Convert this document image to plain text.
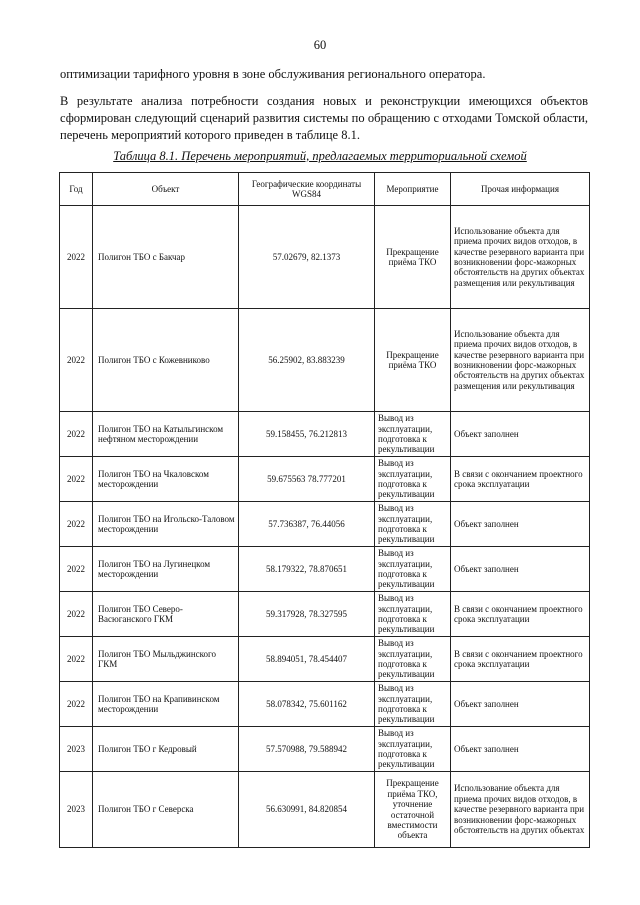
60

оптимизации тарифного уровня в зоне обслуживания регионального оператора.

В результате анализа потребности создания новых и реконструкции имеющихся объектов сформирован следующий сценарий развития системы по обращению с отходами Томской области, перечень мероприятий которого приведен в таблице 8.1.

Таблица 8.1. Перечень мероприятий, предлагаемых территориальной схемой
Год	Объект	Географические координаты WGS84	Мероприятие	Прочая информация
2022	Полигон ТБО с Бакчар	57.02679, 82.1373	Прекращение приёма ТКО	Использование объекта для приема прочих видов отходов, в качестве резервного варианта при возникновении форс-мажорных обстоятельств на других объектах размещения или рекультивация
2022	Полигон ТБО с Кожевниково	56.25902, 83.883239	Прекращение приёма ТКО	Использование объекта для приема прочих видов отходов, в качестве резервного варианта при возникновении форс-мажорных обстоятельств на других объектах размещения или рекультивация
2022	Полигон ТБО на Катыльгинском нефтяном месторождении	59.158455, 76.212813	Вывод из эксплуатации, подготовка к рекультивации	Объект заполнен
2022	Полигон ТБО на Чкаловском месторождении	59.675563 78.777201	Вывод из эксплуатации, подготовка к рекультивации	В связи с окончанием проектного срока эксплуатации
2022	Полигон ТБО на Игольско-Таловом месторождении	57.736387, 76.44056	Вывод из эксплуатации, подготовка к рекультивации	Объект заполнен
2022	Полигон ТБО на Лугинецком месторождении	58.179322, 78.870651	Вывод из эксплуатации, подготовка к рекультивации	Объект заполнен
2022	Полигон ТБО Северо-Васюганского ГКМ	59.317928, 78.327595	Вывод из эксплуатации, подготовка к рекультивации	В связи с окончанием проектного срока эксплуатации
2022	Полигон ТБО Мыльджинского ГКМ	58.894051, 78.454407	Вывод из эксплуатации, подготовка к рекультивации	В связи с окончанием проектного срока эксплуатации
2022	Полигон ТБО на Крапивинском месторождении	58.078342, 75.601162	Вывод из эксплуатации, подготовка к рекультивации	Объект заполнен
2023	Полигон ТБО г Кедровый	57.570988, 79.588942	Вывод из эксплуатации, подготовка к рекультивации	Объект заполнен
2023	Полигон ТБО г Северска	56.630991, 84.820854	Прекращение приёма ТКО, уточнение остаточной вместимости объекта	Использование объекта для приема прочих видов отходов, в качестве резервного варианта при возникновении форс-мажорных обстоятельств на других объектах
